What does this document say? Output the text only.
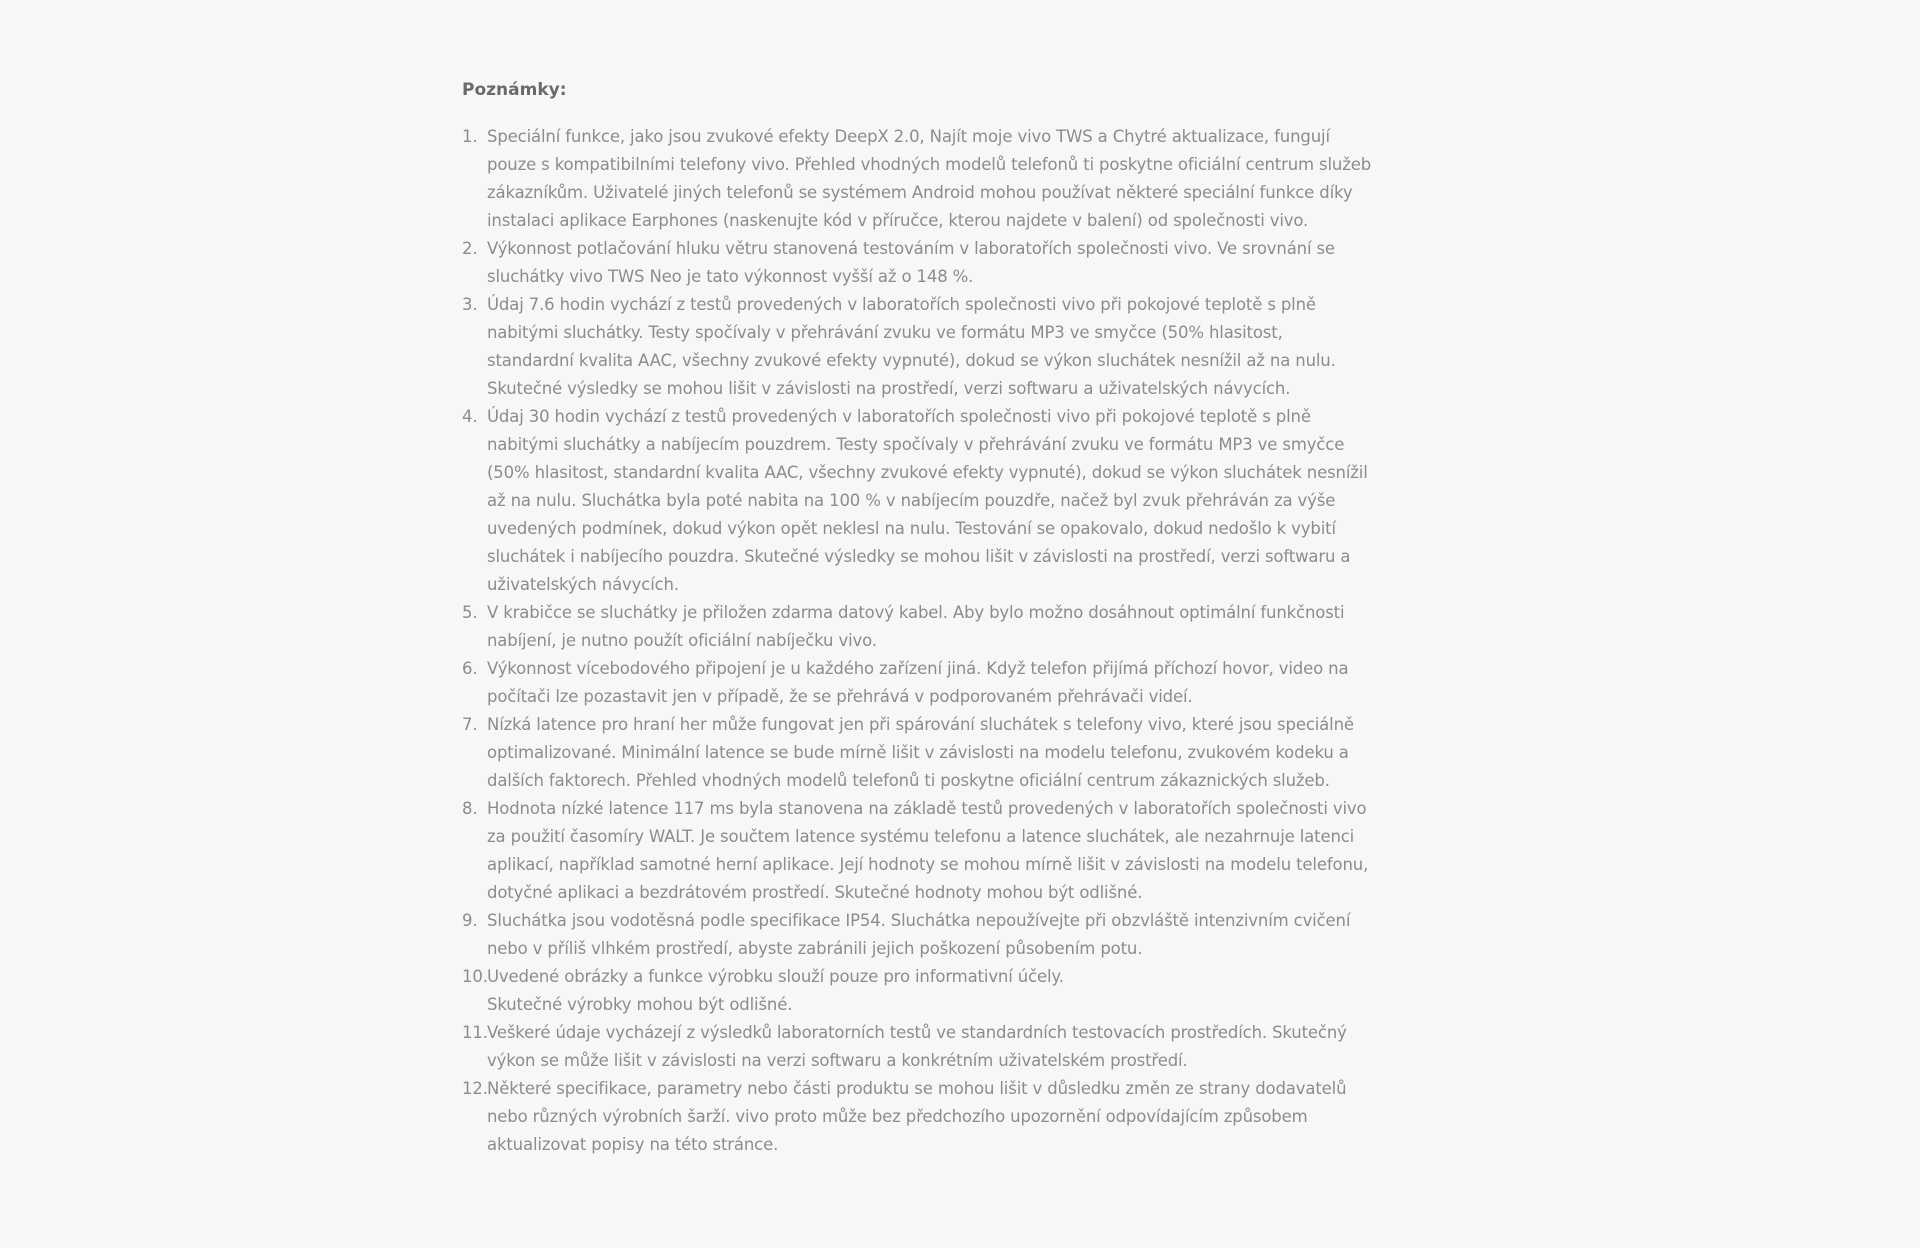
Poznámky:
1. Speciální funkce, jako jsou zvukové efekty DeepX 2.0, Najít moje vivo TWS a Chytré aktualizace, fungují
pouze s kompatibilními telefony vivo. Přehled vhodných modelů telefonů ti poskytne oficiální centrum služeb
zákazníkům. Uživatelé jiných telefonů se systémem Android mohou používat některé speciální funkce díky
instalaci aplikace Earphones (naskenujte kód v příručce, kterou najdete v balení) od společnosti vivo.
2. Výkonnost potlačování hluku větru stanovená testováním v laboratořích společnosti vivo. Ve srovnání se
sluchátky vivo TWS Neo je tato výkonnost vyšší až o 148 %.
3. Údaj 7.6 hodin vychází z testů provedených v laboratořích společnosti vivo při pokojové teplotě s plně
nabitými sluchátky. Testy spočívaly v přehrávání zvuku ve formátu MP3 ve smyčce (50% hlasitost,
standardní kvalita AAC, všechny zvukové efekty vypnuté), dokud se výkon sluchátek nesnížil až na nulu.
Skutečné výsledky se mohou lišit v závislosti na prostředí, verzi softwaru a uživatelských návycích.
4. Údaj 30 hodin vychází z testů provedených v laboratořích společnosti vivo při pokojové teplotě s plně
nabitými sluchátky a nabíjecím pouzdrem. Testy spočívaly v přehrávání zvuku ve formátu MP3 ve smyčce
(50% hlasitost, standardní kvalita AAC, všechny zvukové efekty vypnuté), dokud se výkon sluchátek nesnížil
až na nulu. Sluchátka byla poté nabita na 100 % v nabíjecím pouzdře, načež byl zvuk přehráván za výše
uvedených podmínek, dokud výkon opět neklesl na nulu. Testování se opakovalo, dokud nedošlo k vybití
sluchátek i nabíjecího pouzdra. Skutečné výsledky se mohou lišit v závislosti na prostředí, verzi softwaru a
uživatelských návycích.
5. V krabičce se sluchátky je přiložen zdarma datový kabel. Aby bylo možno dosáhnout optimální funkčnosti
nabíjení, je nutno použít oficiální nabíječku vivo.
6. Výkonnost vícebodového připojení je u každého zařízení jiná. Když telefon přijímá příchozí hovor, video na
počítači lze pozastavit jen v případě, že se přehrává v podporovaném přehrávači videí.
7. Nízká latence pro hraní her může fungovat jen při spárování sluchátek s telefony vivo, které jsou speciálně
optimalizované. Minimální latence se bude mírně lišit v závislosti na modelu telefonu, zvukovém kodeku a
dalších faktorech. Přehled vhodných modelů telefonů ti poskytne oficiální centrum zákaznických služeb.
8. Hodnota nízké latence 117 ms byla stanovena na základě testů provedených v laboratořích společnosti vivo
za použití časomíry WALT. Je součtem latence systému telefonu a latence sluchátek, ale nezahrnuje latenci
aplikací, například samotné herní aplikace. Její hodnoty se mohou mírně lišit v závislosti na modelu telefonu,
dotyčné aplikaci a bezdrátovém prostředí. Skutečné hodnoty mohou být odlišné.
9. Sluchátka jsou vodotěsná podle specifikace IP54. Sluchátka nepoužívejte při obzvláště intenzivním cvičení
nebo v příliš vlhkém prostředí, abyste zabránili jejich poškození působením potu.
10. Uvedené obrázky a funkce výrobku slouží pouze pro informativní účely.
Skutečné výrobky mohou být odlišné.
11. Veškeré údaje vycházejí z výsledků laboratorních testů ve standardních testovacích prostředích. Skutečný
výkon se může lišit v závislosti na verzi softwaru a konkrétním uživatelském prostředí.
12. Některé specifikace, parametry nebo části produktu se mohou lišit v důsledku změn ze strany dodavatelů
nebo různých výrobních šarží. vivo proto může bez předchozího upozornění odpovídajícím způsobem
aktualizovat popisy na této stránce.
